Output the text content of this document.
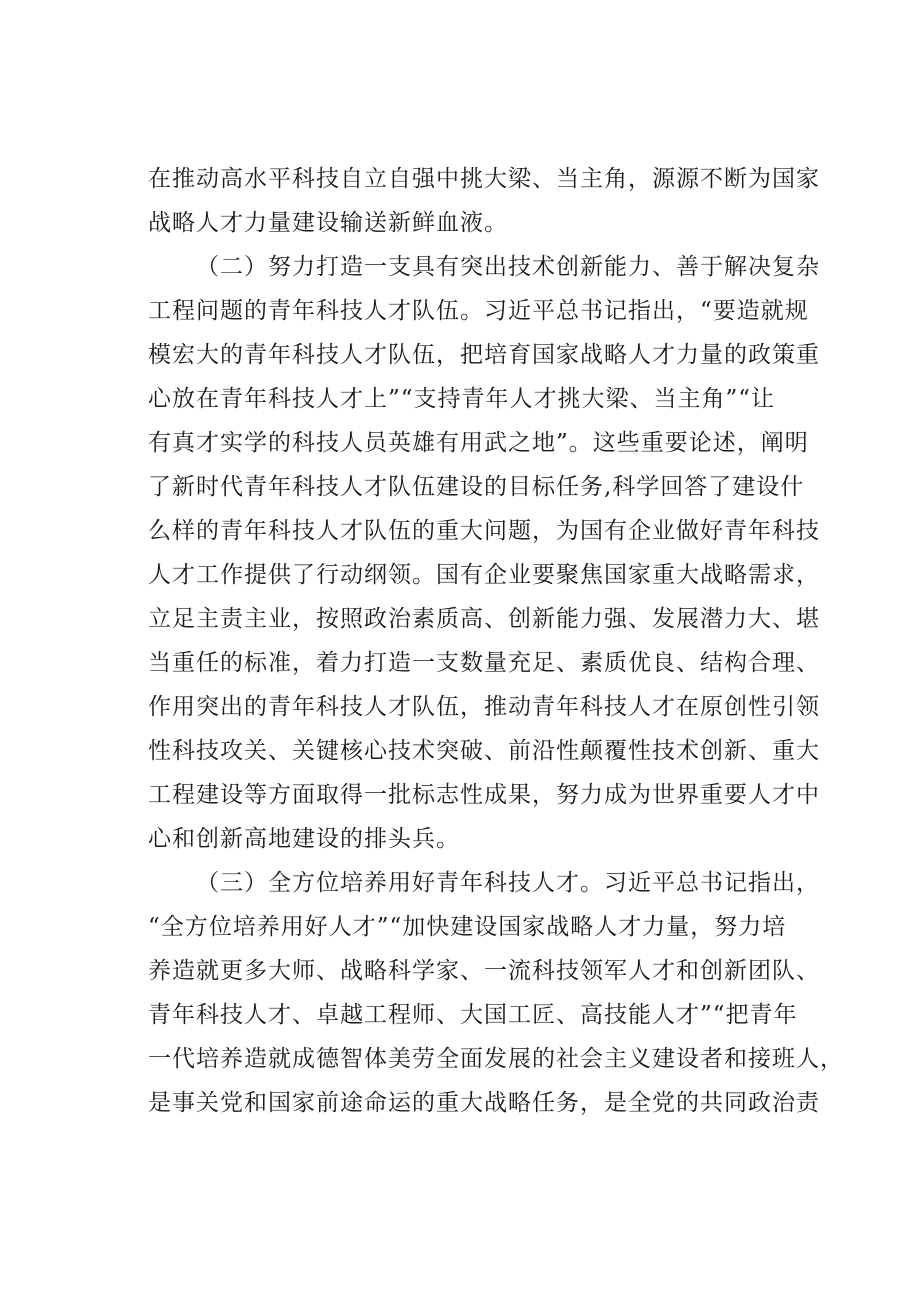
在推动高水平科技自立自强中挑大梁、当主角，源源不断为国家
战略人才力量建设输送新鲜血液。
（二）努力打造一支具有突出技术创新能力、善于解决复杂
工程问题的青年科技人才队伍。习近平总书记指出，“要造就规
模宏大的青年科技人才队伍，把培育国家战略人才力量的政策重
心放在青年科技人才上”“支持青年人才挑大梁、当主角”“让
有真才实学的科技人员英雄有用武之地”。这些重要论述，阐明
了新时代青年科技人才队伍建设的目标任务,科学回答了建设什
么样的青年科技人才队伍的重大问题，为国有企业做好青年科技
人才工作提供了行动纲领。国有企业要聚焦国家重大战略需求，
立足主责主业，按照政治素质高、创新能力强、发展潜力大、堪
当重任的标准，着力打造一支数量充足、素质优良、结构合理、
作用突出的青年科技人才队伍，推动青年科技人才在原创性引领
性科技攻关、关键核心技术突破、前沿性颠覆性技术创新、重大
工程建设等方面取得一批标志性成果，努力成为世界重要人才中
心和创新高地建设的排头兵。
（三）全方位培养用好青年科技人才。习近平总书记指出，
“全方位培养用好人才”“加快建设国家战略人才力量，努力培
养造就更多大师、战略科学家、一流科技领军人才和创新团队、
青年科技人才、卓越工程师、大国工匠、高技能人才”“把青年
一代培养造就成德智体美劳全面发展的社会主义建设者和接班人，
是事关党和国家前途命运的重大战略任务，是全党的共同政治责
